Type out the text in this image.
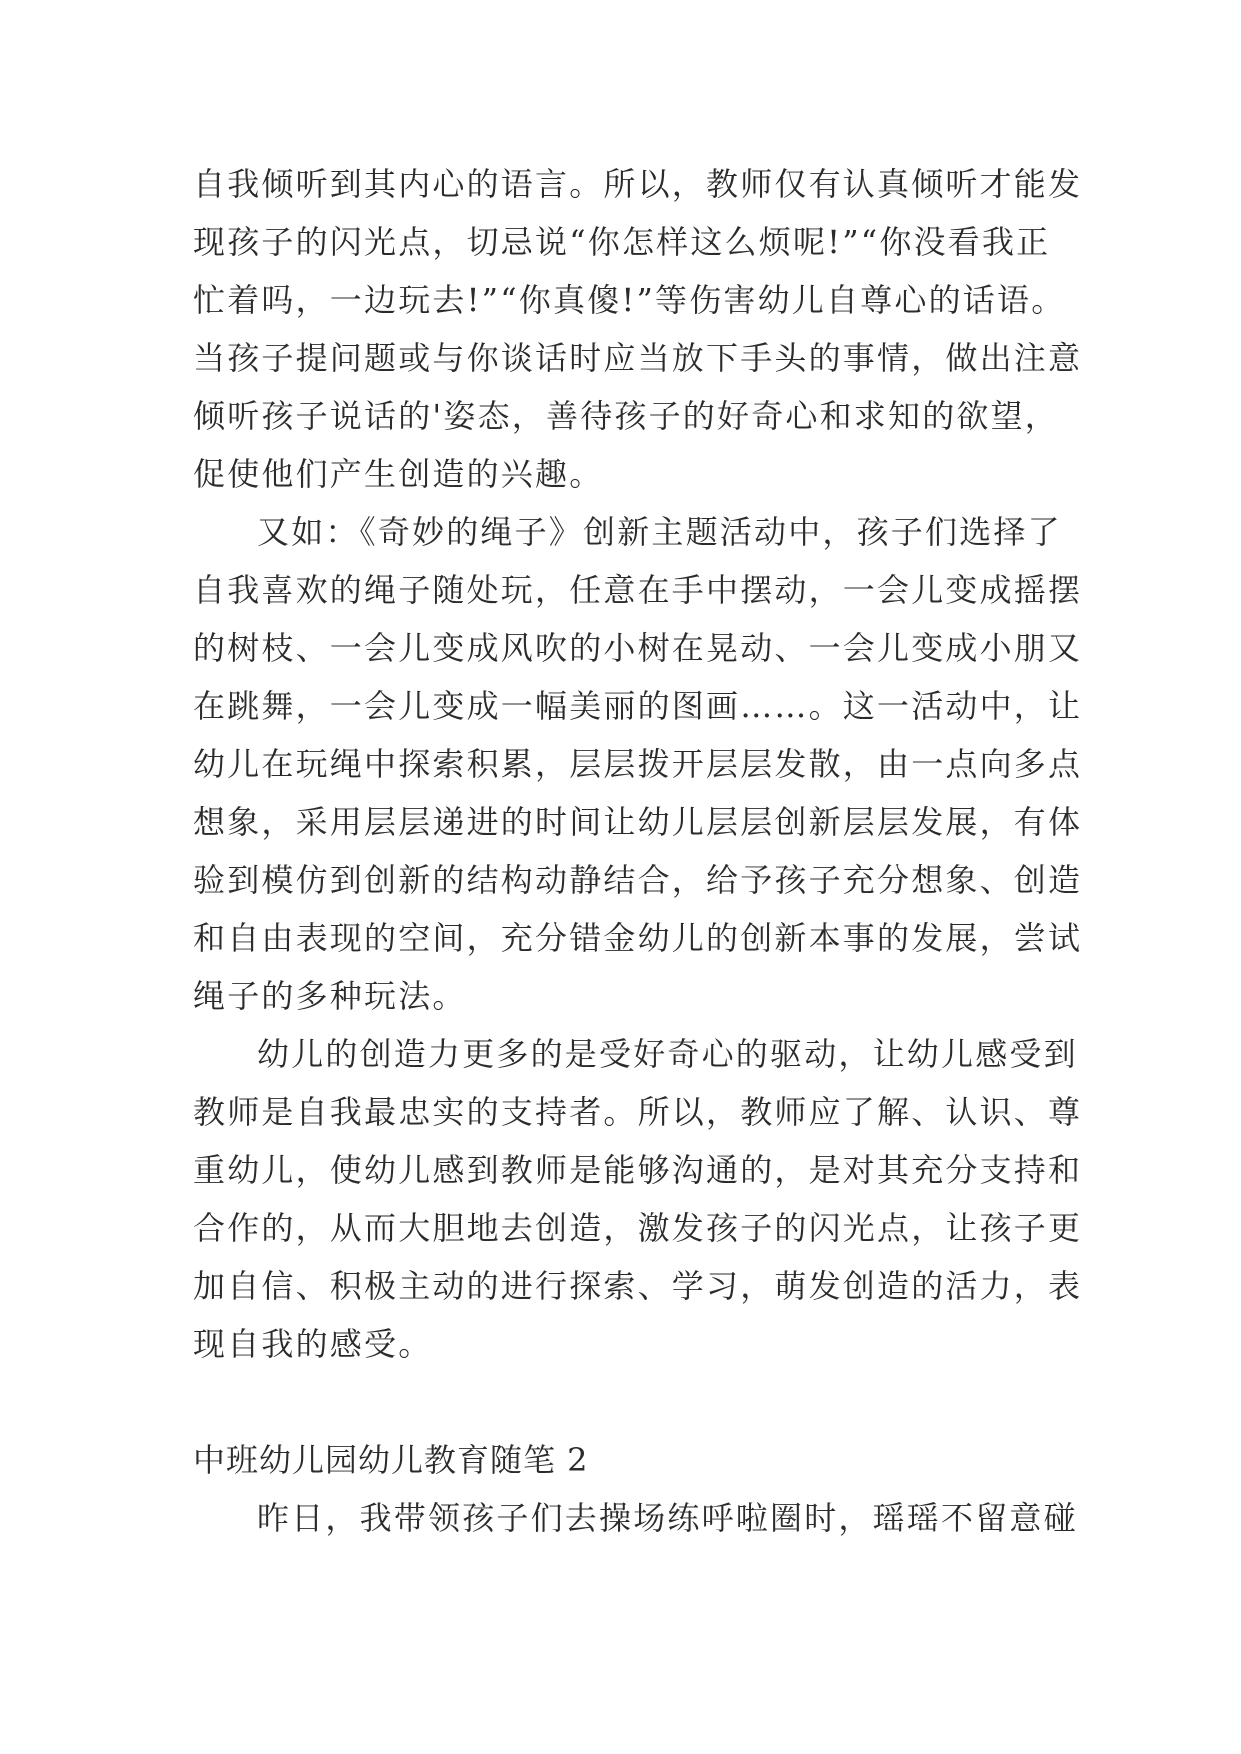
自我倾听到其内心的语言。所以，教师仅有认真倾听才能发
现孩子的闪光点，切忌说“你怎样这么烦呢!”“你没看我正
忙着吗，一边玩去!”“你真傻!”等伤害幼儿自尊心的话语。
当孩子提问题或与你谈话时应当放下手头的事情，做出注意
倾听孩子说话的'姿态，善待孩子的好奇心和求知的欲望，
促使他们产生创造的兴趣。
又如：《奇妙的绳子》创新主题活动中，孩子们选择了
自我喜欢的绳子随处玩，任意在手中摆动，一会儿变成摇摆
的树枝、一会儿变成风吹的小树在晃动、一会儿变成小朋又
在跳舞，一会儿变成一幅美丽的图画……。这一活动中，让
幼儿在玩绳中探索积累，层层拨开层层发散，由一点向多点
想象，采用层层递进的时间让幼儿层层创新层层发展，有体
验到模仿到创新的结构动静结合，给予孩子充分想象、创造
和自由表现的空间，充分错金幼儿的创新本事的发展，尝试
绳子的多种玩法。
幼儿的创造力更多的是受好奇心的驱动，让幼儿感受到
教师是自我最忠实的支持者。所以，教师应了解、认识、尊
重幼儿，使幼儿感到教师是能够沟通的，是对其充分支持和
合作的，从而大胆地去创造，激发孩子的闪光点，让孩子更
加自信、积极主动的进行探索、学习，萌发创造的活力，表
现自我的感受。
中班幼儿园幼儿教育随笔 2
昨日，我带领孩子们去操场练呼啦圈时，瑶瑶不留意碰
